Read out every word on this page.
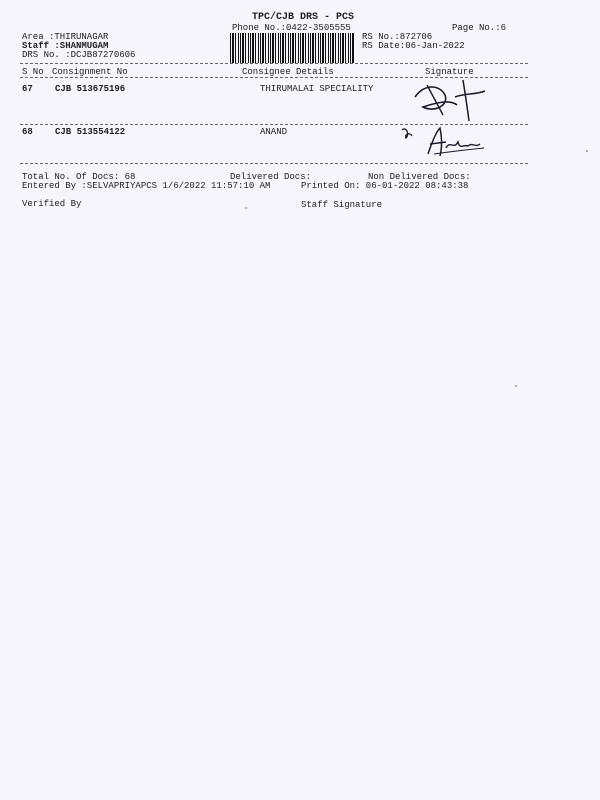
TPC/CJB DRS - PCS
Phone No.:0422-3505555	Page No.:6
Area :THIRUNAGAR
Staff :SHANMUGAM
DRS No. :DCJB87270606
RS No.:872706
RS Date:06-Jan-2022
S No Consignment No	Consignee Details	Signature
67 CJB 513675196	THIRUMALAI SPECIALITY
68 CJB 513554122	ANAND
Total No. Of Docs: 68	Delivered Docs:	Non Delivered Docs:
Entered By :SELVAPRIYAPCS 1/6/2022 11:57:10 AM	Printed On: 06-01-2022 08:43:38
Verified By	Staff Signature
